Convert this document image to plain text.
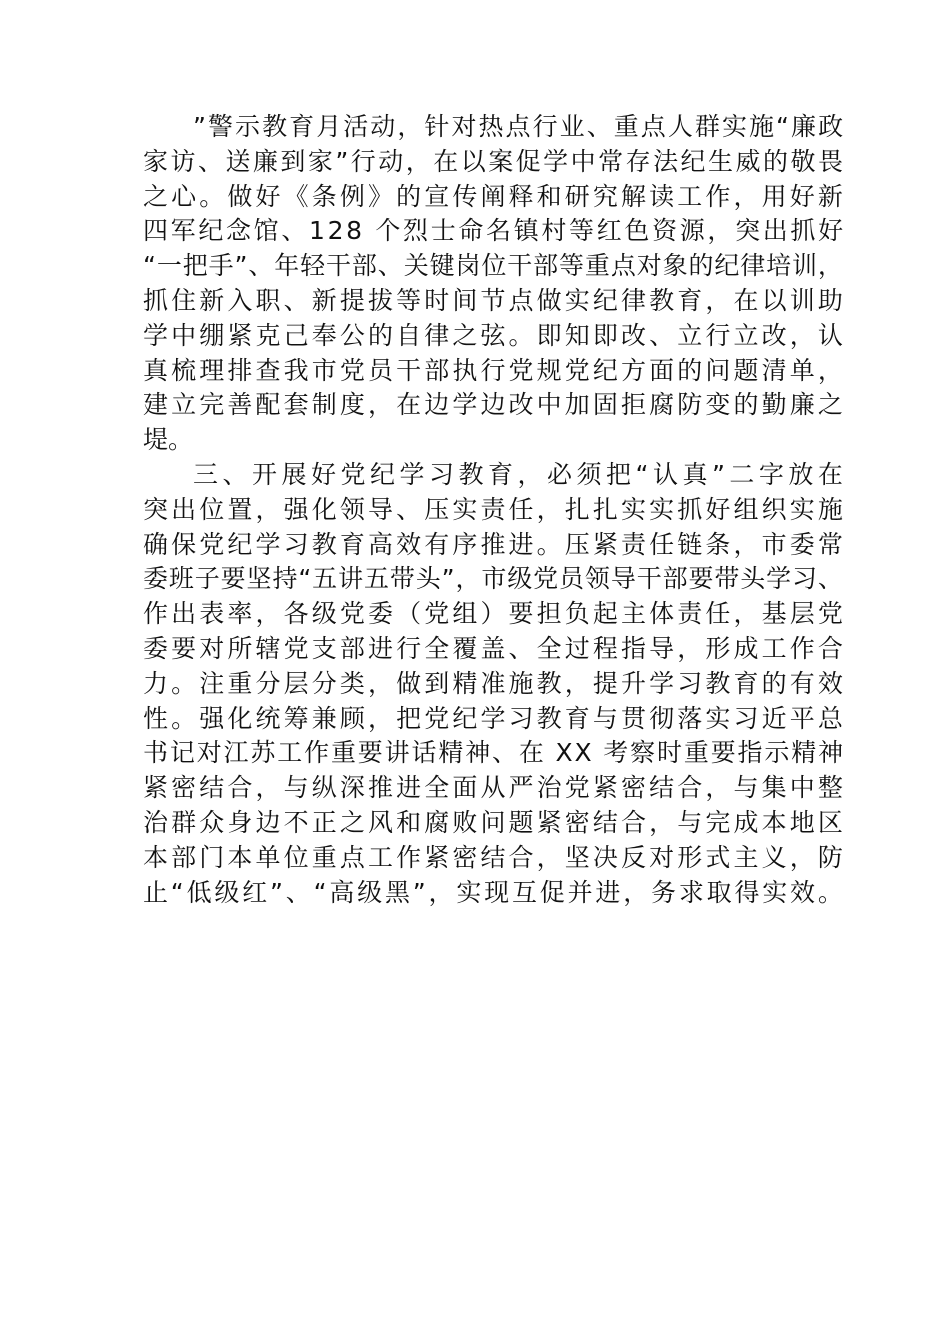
”警示教育月活动，针对热点行业、重点人群实施“廉政
家访、送廉到家”行动，在以案促学中常存法纪生威的敬畏
之心。做好《条例》的宣传阐释和研究解读工作，用好新
四军纪念馆、128 个烈士命名镇村等红色资源，突出抓好
“一把手”、年轻干部、关键岗位干部等重点对象的纪律培训，
抓住新入职、新提拔等时间节点做实纪律教育，在以训助
学中绷紧克己奉公的自律之弦。即知即改、立行立改，认
真梳理排查我市党员干部执行党规党纪方面的问题清单，
建立完善配套制度，在边学边改中加固拒腐防变的勤廉之
堤。
三、开展好党纪学习教育，必须把“认真”二字放在
突出位置，强化领导、压实责任，扎扎实实抓好组织实施
确保党纪学习教育高效有序推进。压紧责任链条，市委常
委班子要坚持“五讲五带头”，市级党员领导干部要带头学习、
作出表率，各级党委（党组）要担负起主体责任，基层党
委要对所辖党支部进行全覆盖、全过程指导，形成工作合
力。注重分层分类，做到精准施教，提升学习教育的有效
性。强化统筹兼顾，把党纪学习教育与贯彻落实习近平总
书记对江苏工作重要讲话精神、在 XX 考察时重要指示精神
紧密结合，与纵深推进全面从严治党紧密结合，与集中整
治群众身边不正之风和腐败问题紧密结合，与完成本地区
本部门本单位重点工作紧密结合，坚决反对形式主义，防
止“低级红”、“高级黑”，实现互促并进，务求取得实效。
